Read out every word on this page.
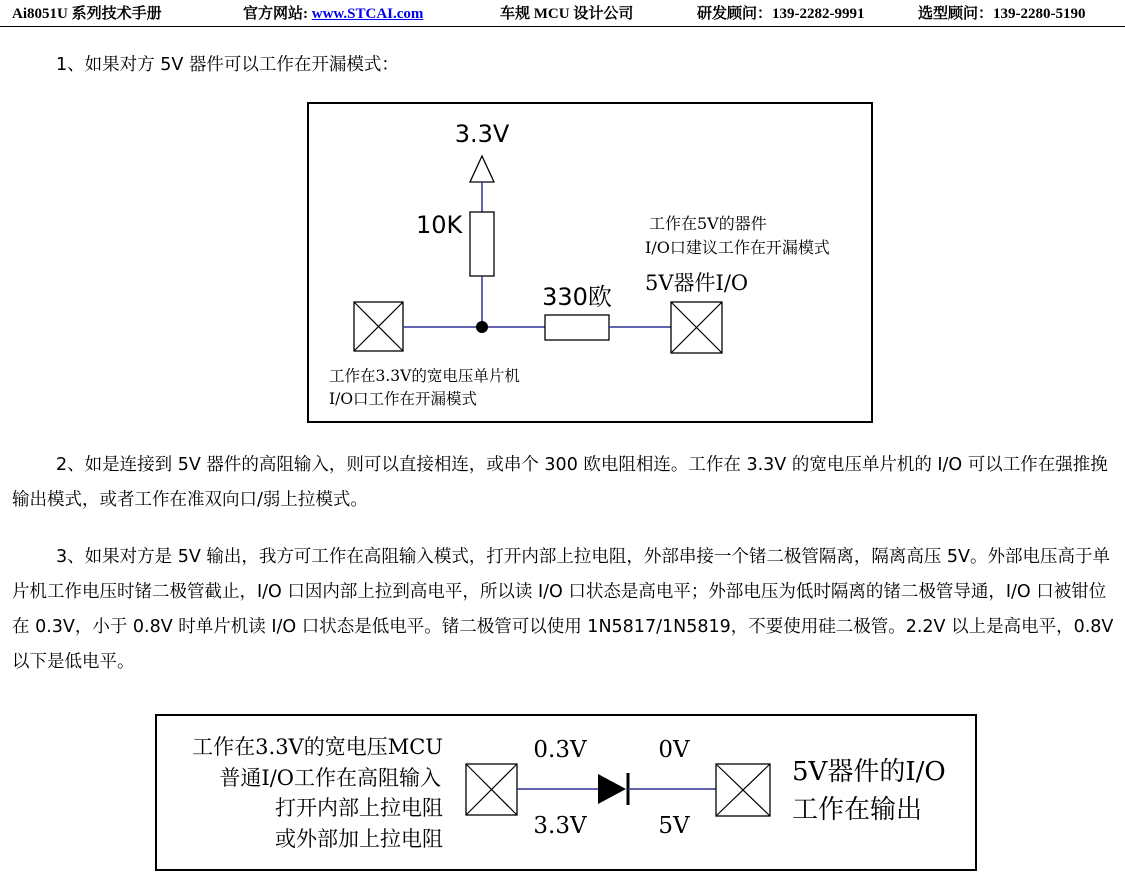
Ai8051U 系列技术手册	官方网站: www.STCAI.com	车规 MCU 设计公司	研发顾问：139-2282-9991	选型顾问：139-2280-5190

1、如果对方 5V 器件可以工作在开漏模式：

3.3V
10K
330欧 5V器件I/O
工作在5V的器件
I/O口建议工作在开漏模式
工作在3.3V的宽电压单片机
I/O口工作在开漏模式

2、如是连接到 5V 器件的高阻输入，则可以直接相连，或串个 300 欧电阻相连。工作在 3.3V 的宽电压单片机的 I/O 可以工作在强推挽输出模式，或者工作在准双向口/弱上拉模式。

3、如果对方是 5V 输出，我方可工作在高阻输入模式，打开内部上拉电阻，外部串接一个锗二极管隔离，隔离高压 5V。外部电压高于单片机工作电压时锗二极管截止，I/O 口因内部上拉到高电平，所以读 I/O 口状态是高电平；外部电压为低时隔离的锗二极管导通，I/O 口被钳位在 0.3V，小于 0.8V 时单片机读 I/O 口状态是低电平。锗二极管可以使用 1N5817/1N5819，不要使用硅二极管。2.2V 以上是高电平，0.8V 以下是低电平。

工作在3.3V的宽电压MCU
普通I/O工作在高阻输入
打开内部上拉电阻
或外部加上拉电阻
0.3V
3.3V
0V
5V
5V器件的I/O
工作在输出
